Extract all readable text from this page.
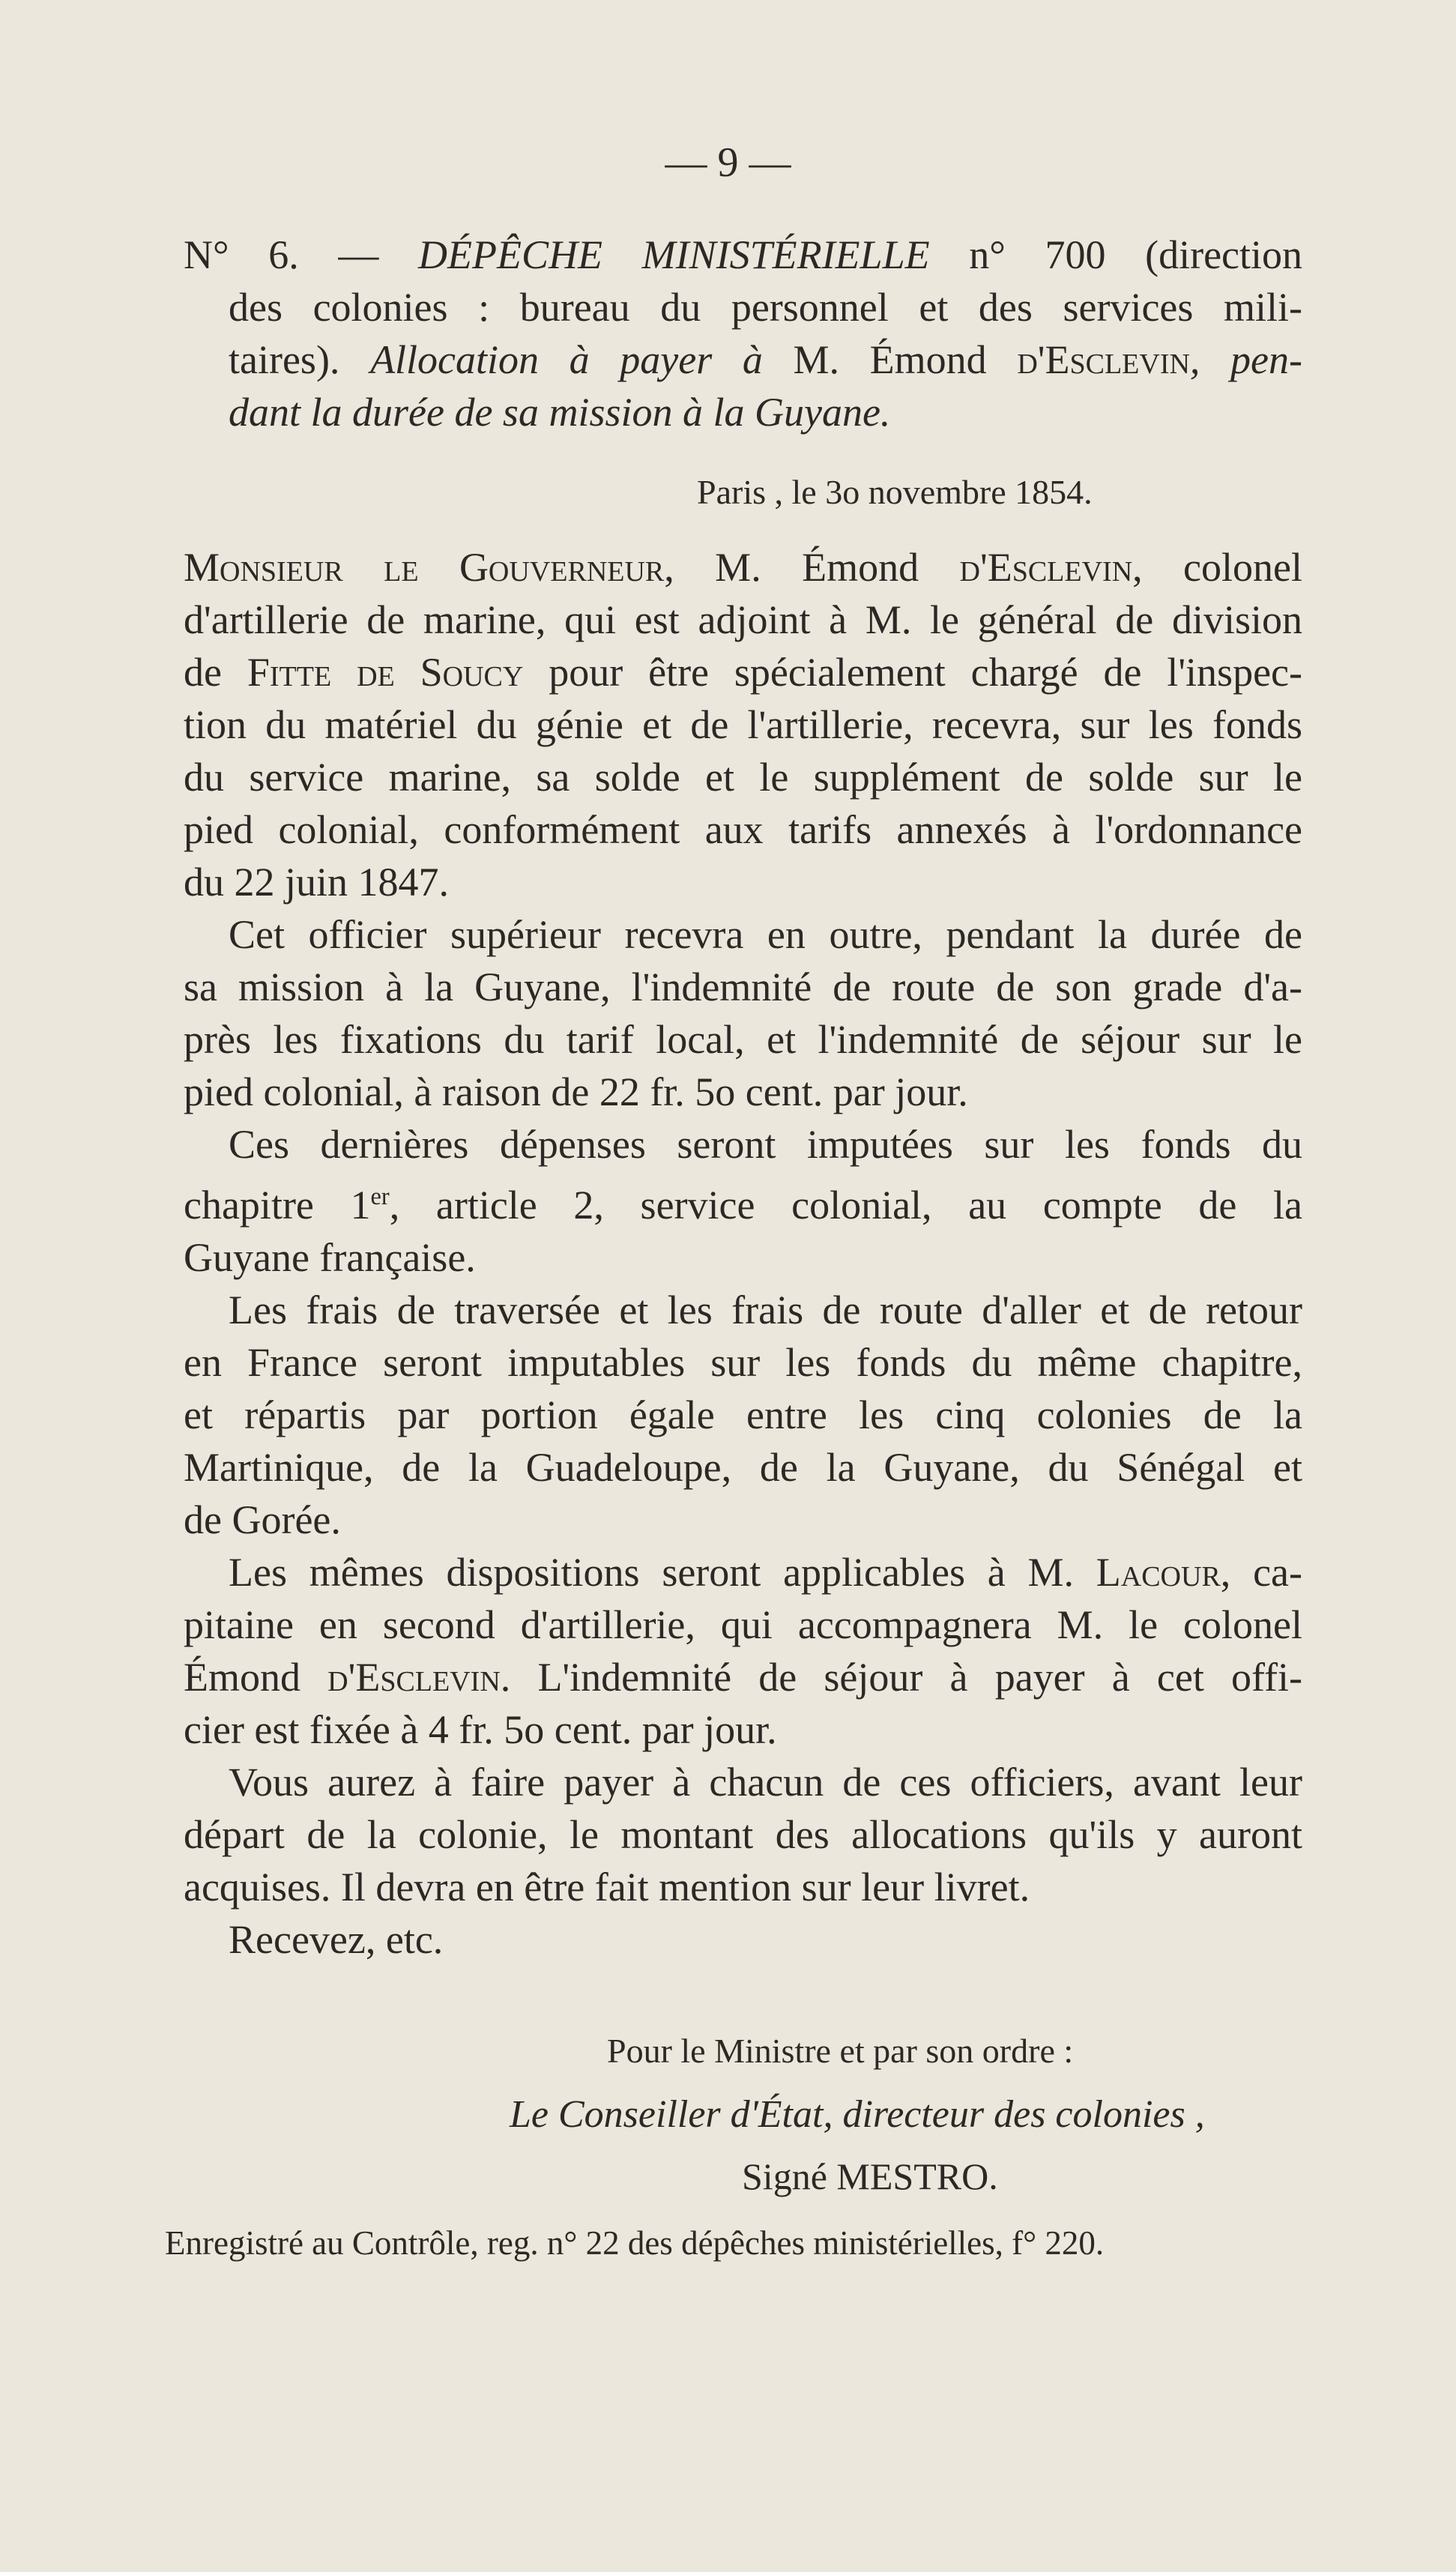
— 9 —
N° 6. — DÉPÊCHE MINISTÉRIELLE n° 700 (direction
des colonies : bureau du personnel et des services mili-
taires). Allocation à payer à M. Émond d'Esclevin, pen-
dant la durée de sa mission à la Guyane.
Paris , le 3o novembre 1854.
Monsieur le Gouverneur, M. Émond d'Esclevin, colonel
d'artillerie de marine, qui est adjoint à M. le général de division
de Fitte de Soucy pour être spécialement chargé de l'inspec-
tion du matériel du génie et de l'artillerie, recevra, sur les fonds
du service marine, sa solde et le supplément de solde sur le
pied colonial, conformément aux tarifs annexés à l'ordonnance
du 22 juin 1847.
Cet officier supérieur recevra en outre, pendant la durée de
sa mission à la Guyane, l'indemnité de route de son grade d'a-
près les fixations du tarif local, et l'indemnité de séjour sur le
pied colonial, à raison de 22 fr. 5o cent. par jour.
Ces dernières dépenses seront imputées sur les fonds du
chapitre 1er, article 2, service colonial, au compte de la
Guyane française.
Les frais de traversée et les frais de route d'aller et de retour
en France seront imputables sur les fonds du même chapitre,
et répartis par portion égale entre les cinq colonies de la
Martinique, de la Guadeloupe, de la Guyane, du Sénégal et
de Gorée.
Les mêmes dispositions seront applicables à M. Lacour, ca-
pitaine en second d'artillerie, qui accompagnera M. le colonel
Émond d'Esclevin. L'indemnité de séjour à payer à cet offi-
cier est fixée à 4 fr. 5o cent. par jour.
Vous aurez à faire payer à chacun de ces officiers, avant leur
départ de la colonie, le montant des allocations qu'ils y auront
acquises. Il devra en être fait mention sur leur livret.
Recevez, etc.
Pour le Ministre et par son ordre :
Le Conseiller d'État, directeur des colonies ,
Signé MESTRO.
Enregistré au Contrôle, reg. n° 22 des dépêches ministérielles, f° 220.
